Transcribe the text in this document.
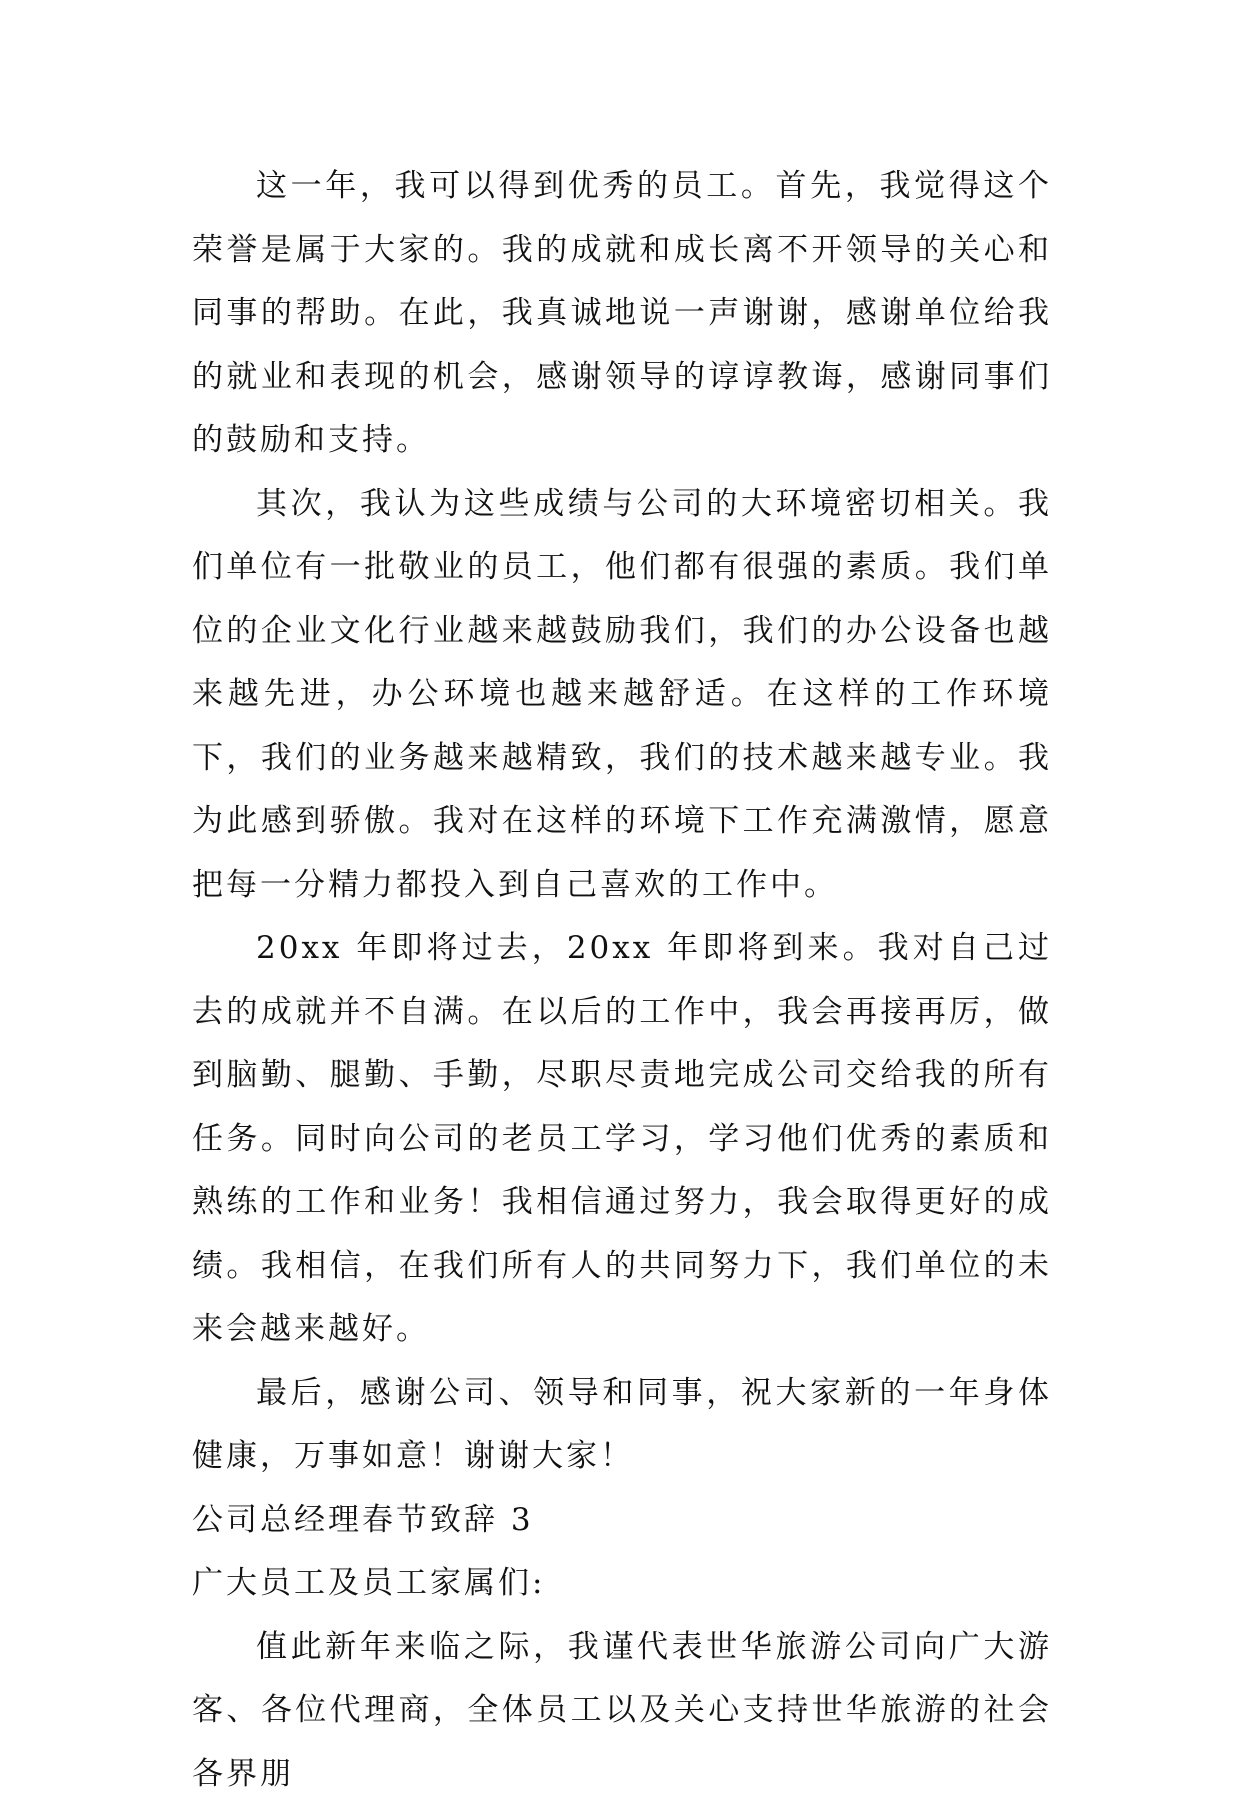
这一年，我可以得到优秀的员工。首先，我觉得这个荣誉是属于大家的。我的成就和成长离不开领导的关心和同事的帮助。在此，我真诚地说一声谢谢，感谢单位给我的就业和表现的机会，感谢领导的谆谆教诲，感谢同事们的鼓励和支持。

其次，我认为这些成绩与公司的大环境密切相关。我们单位有一批敬业的员工，他们都有很强的素质。我们单位的企业文化行业越来越鼓励我们，我们的办公设备也越来越先进，办公环境也越来越舒适。在这样的工作环境下，我们的业务越来越精致，我们的技术越来越专业。我为此感到骄傲。我对在这样的环境下工作充满激情，愿意把每一分精力都投入到自己喜欢的工作中。

20xx 年即将过去，20xx 年即将到来。我对自己过去的成就并不自满。在以后的工作中，我会再接再厉，做到脑勤、腿勤、手勤，尽职尽责地完成公司交给我的所有任务。同时向公司的老员工学习，学习他们优秀的素质和熟练的工作和业务！我相信通过努力，我会取得更好的成绩。我相信，在我们所有人的共同努力下，我们单位的未来会越来越好。

最后，感谢公司、领导和同事，祝大家新的一年身体健康，万事如意！谢谢大家！

公司总经理春节致辞 3

广大员工及员工家属们:

值此新年来临之际，我谨代表世华旅游公司向广大游客、各位代理商，全体员工以及关心支持世华旅游的社会各界朋
